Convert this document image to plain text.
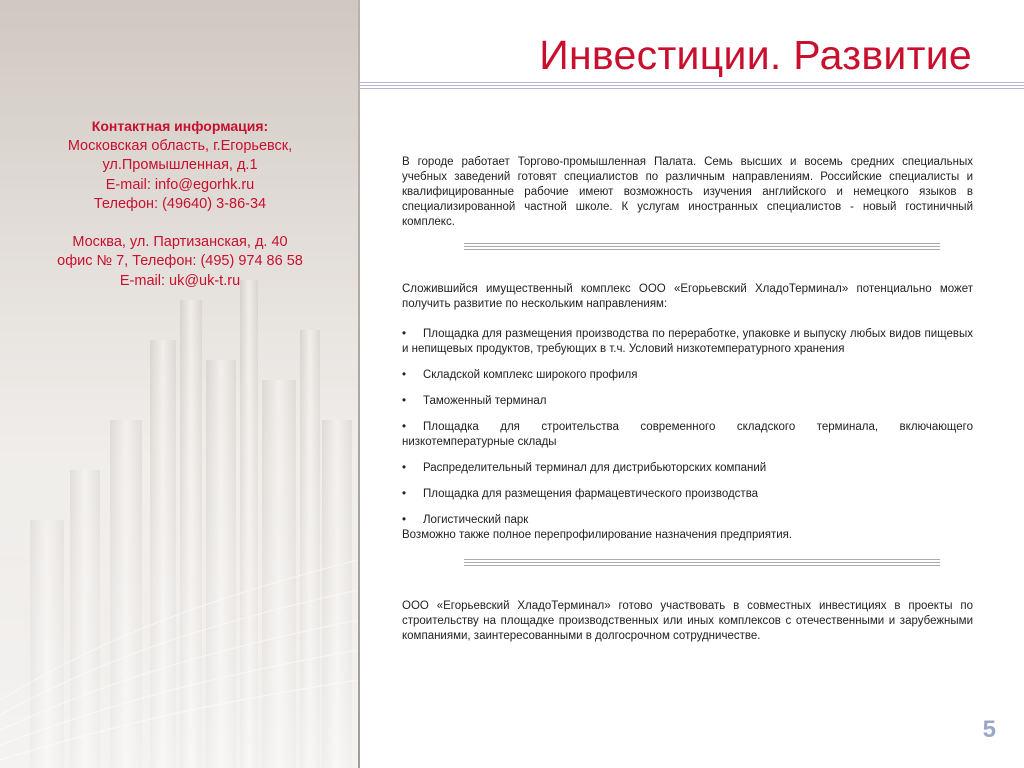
Контактная информация:
Московская область, г.Егорьевск,
ул.Промышленная, д.1
E-mail: info@egorhk.ru
Телефон: (49640) 3-86-34
Москва, ул. Партизанская, д. 40
офис № 7, Телефон: (495) 974 86 58
E-mail: uk@uk-t.ru
Инвестиции. Развитие

В городе работает Торгово-промышленная Палата. Семь высших и восемь средних специальных учебных заведений готовят специалистов по различным направлениям. Российские специалисты и квалифицированные рабочие имеют возможность изучения английского и немецкого языков в специализированной частной школе. К услугам иностранных специалистов - новый гостиничный комплекс.

Сложившийся имущественный комплекс ООО «Егорьевский ХладоТерминал» потенциально может получить развитие по нескольким направлениям:

• Площадка для размещения производства по переработке, упаковке и выпуску любых видов пищевых и непищевых продуктов, требующих в т.ч. Условий низкотемпературного хранения
• Складской комплекс широкого профиля
• Таможенный терминал
• Площадка для строительства современного складского терминала, включающего низкотемпературные склады
• Распределительный терминал для дистрибьюторских компаний
• Площадка для размещения фармацевтического производства
• Логистический парк

Возможно также полное перепрофилирование назначения предприятия.

ООО «Егорьевский ХладоТерминал» готово участвовать в совместных инвестициях в проекты по строительству на площадке производственных или иных комплексов с отечественными и зарубежными компаниями, заинтересованными в долгосрочном сотрудничестве.

5
